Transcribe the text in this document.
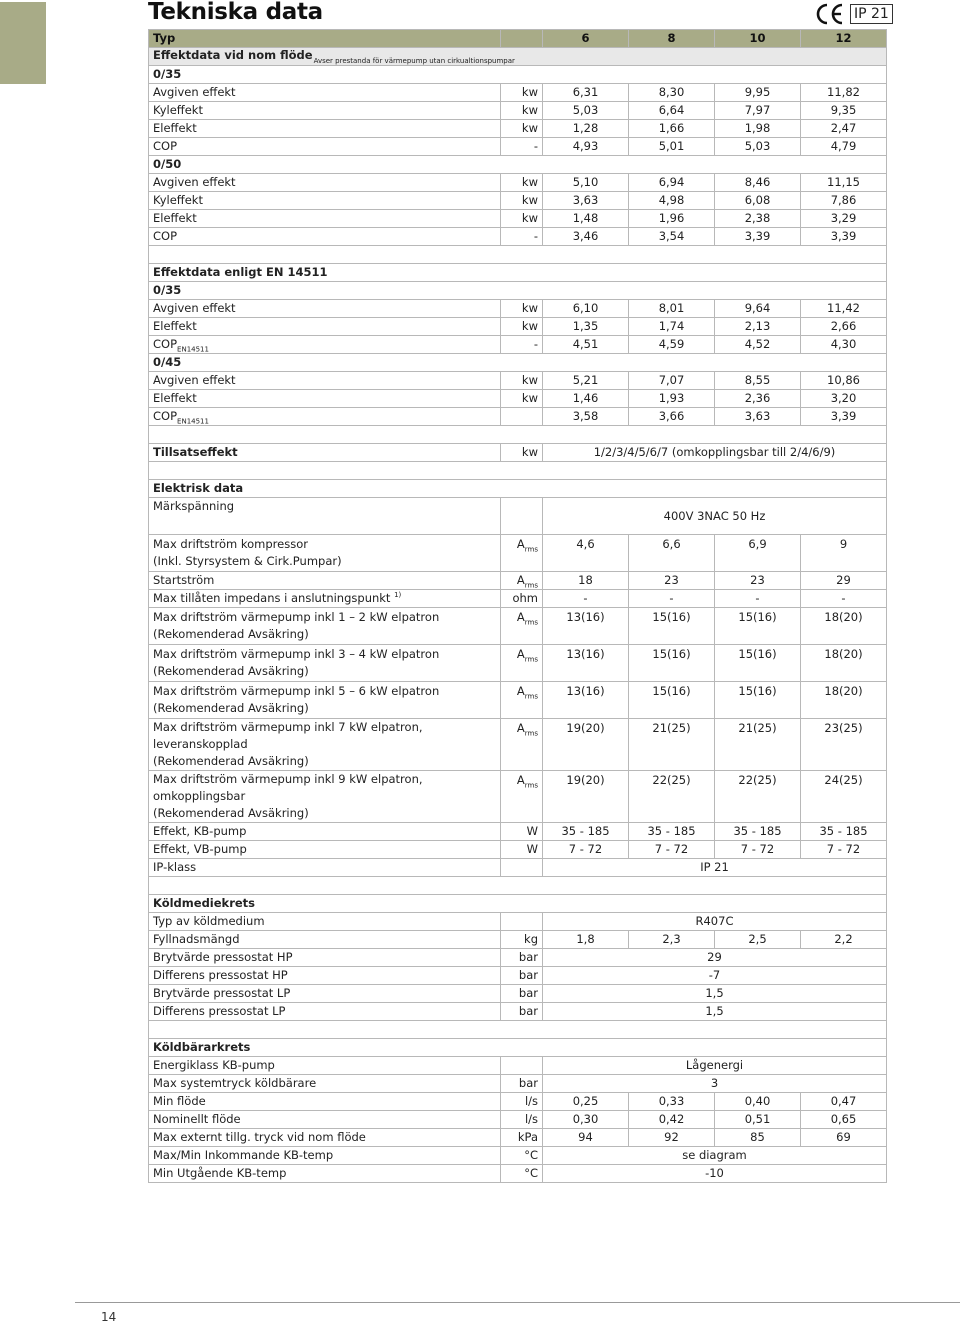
Tekniska data	IP 21
Typ		6	8	10	12
Effektdata vid nom flöde$_{Avser prestanda för värmepump utan cirkualtionspumpar}$
0/35					
Avgiven effekt	kw	6,31	8,30	9,95	11,82
Kyleffekt	kw	5,03	6,64	7,97	9,35
Eleffekt	kw	1,28	1,66	1,98	2,47
COP	-	4,93	5,01	5,03	4,79
0/50					
Avgiven effekt	kw	5,10	6,94	8,46	11,15
Kyleffekt	kw	3,63	4,98	6,08	7,86
Eleffekt	kw	1,48	1,96	2,38	3,29
COP	-	3,46	3,54	3,39	3,39

Effektdata enligt EN 14511					
0/35					
Avgiven effekt	kw	6,10	8,01	9,64	11,42
Eleffekt	kw	1,35	1,74	2,13	2,66
$COP_{EN14511}$	-	4,51	4,59	4,52	4,30
0/45					
Avgiven effekt	kw	5,21	7,07	8,55	10,86
Eleffekt	kw	1,46	1,93	2,36	3,20
$COP_{EN14511}$		3,58	3,66	3,63	3,39

Tillsatseffekt	kw	1/2/3/4/5/6/7 (omkopplingsbar till 2/4/6/9)			

Elektrisk data					
Märkspänning		400V 3NAC 50 Hz			
Max driftström kompressor
(Inkl. Styrsystem & Cirk.Pumpar)	$A_{rms}$	4,6	6,6	6,9	9
Startström	$A_{rms}$	18	23	23	29
Max tillåten impedans i anslutningspunkt $^{1)}$	ohm	-	-	-	-
Max driftström värmepump inkl 1 – 2 kW elpatron
(Rekomenderad Avsäkring)	$A_{rms}$	13(16)	15(16)	15(16)	18(20)
Max driftström värmepump inkl 3 – 4 kW elpatron
(Rekomenderad Avsäkring)	$A_{rms}$	13(16)	15(16)	15(16)	18(20)
Max driftström värmepump inkl 5 – 6 kW elpatron
(Rekomenderad Avsäkring)	$A_{rms}$	13(16)	15(16)	15(16)	18(20)
Max driftström värmepump inkl 7 kW elpatron, leveranskopplad
(Rekomenderad Avsäkring)	$A_{rms}$	19(20)	21(25)	21(25)	23(25)
Max driftström värmepump inkl 9 kW elpatron, omkopplingsbar
(Rekomenderad Avsäkring)	$A_{rms}$	19(20)	22(25)	22(25)	24(25)
Effekt, KB-pump	W	35 - 185	35 - 185	35 - 185	35 - 185
Effekt, VB-pump	W	7 - 72	7 - 72	7 - 72	7 - 72
IP-klass		IP 21			

Köldmediekrets					
Typ av köldmedium		R407C			
Fyllnadsmängd	kg	1,8	2,3	2,5	2,2
Brytvärde pressostat HP	bar	29			
Differens pressostat HP	bar	-7			
Brytvärde pressostat LP	bar	1,5			
Differens pressostat LP	bar	1,5			

Köldbärarkrets					
Energiklass KB-pump		Lågenergi			
Max systemtryck köldbärare	bar	3			
Min flöde	l/s	0,25	0,33	0,40	0,47
Nominellt flöde	l/s	0,30	0,42	0,51	0,65
Max externt tillg. tryck vid nom flöde	kPa	94	92	85	69
Max/Min Inkommande KB-temp	°C	se diagram			
Min Utgående KB-temp	°C	-10			
14
